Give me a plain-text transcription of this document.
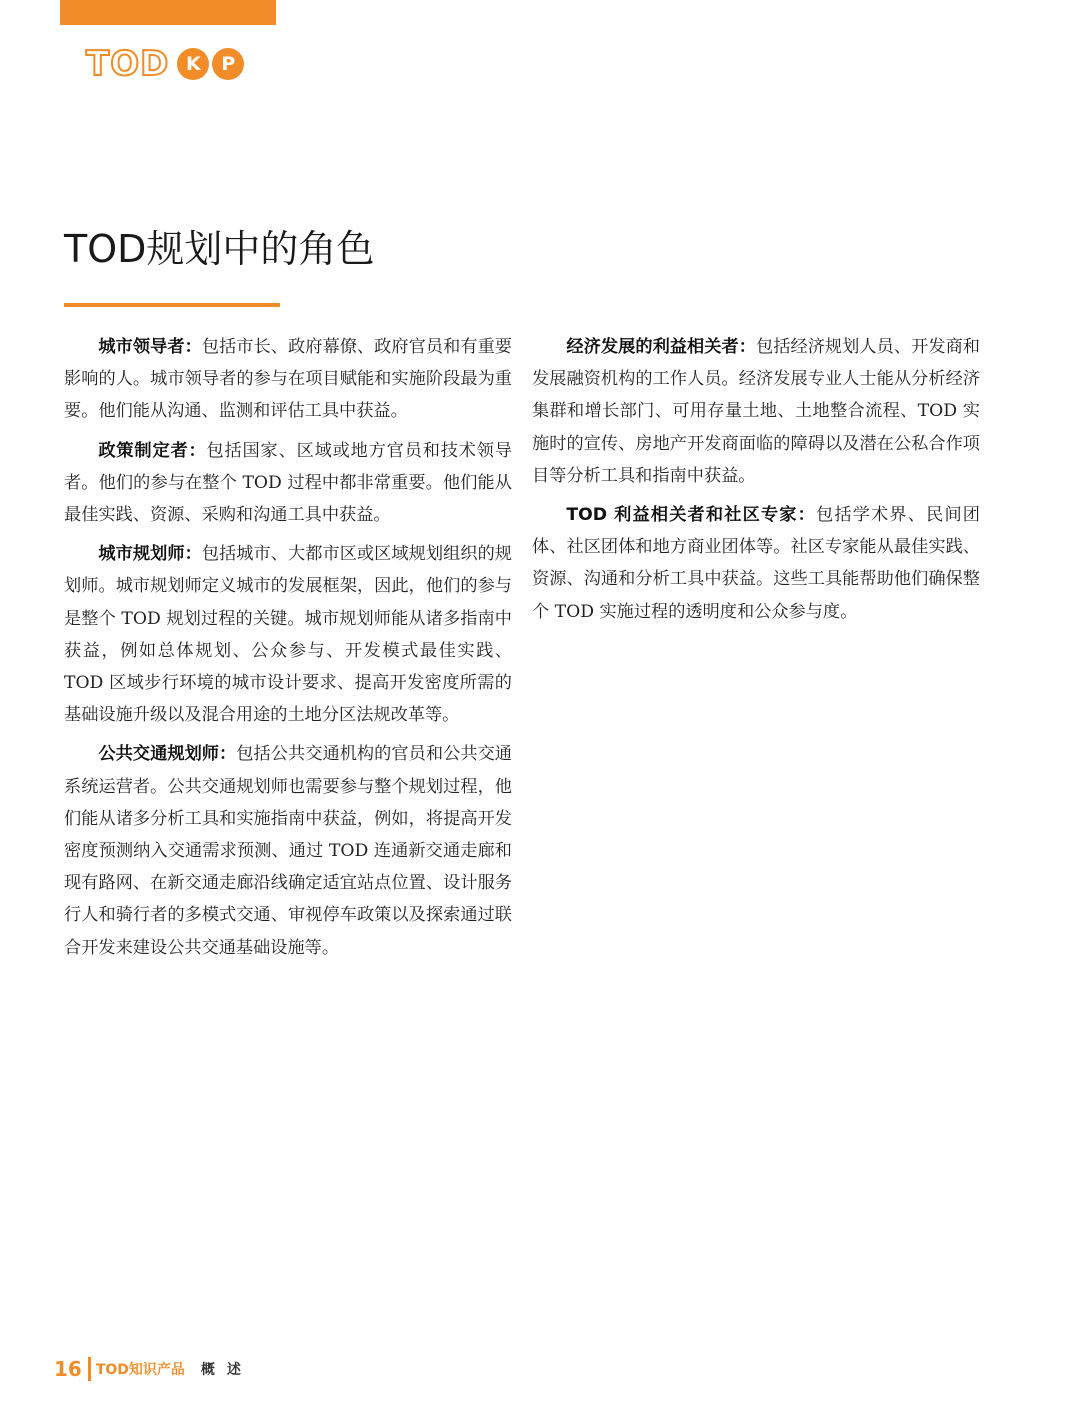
TOD K	P
TOD规划中的角色

城市领导者：包括市长、政府幕僚、政府官员和有重要影响的人。城市领导者的参与在项目赋能和实施阶段最为重要。他们能从沟通、监测和评估工具中获益。

政策制定者：包括国家、区域或地方官员和技术领导者。他们的参与在整个 TOD 过程中都非常重要。他们能从最佳实践、资源、采购和沟通工具中获益。

城市规划师：包括城市、大都市区或区域规划组织的规划师。城市规划师定义城市的发展框架，因此，他们的参与是整个 TOD 规划过程的关键。城市规划师能从诸多指南中获益，例如总体规划、公众参与、开发模式最佳实践、TOD 区域步行环境的城市设计要求、提高开发密度所需的基础设施升级以及混合用途的土地分区法规改革等。

公共交通规划师：包括公共交通机构的官员和公共交通系统运营者。公共交通规划师也需要参与整个规划过程，他们能从诸多分析工具和实施指南中获益，例如，将提高开发密度预测纳入交通需求预测、通过 TOD 连通新交通走廊和现有路网、在新交通走廊沿线确定适宜站点位置、设计服务行人和骑行者的多模式交通、审视停车政策以及探索通过联合开发来建设公共交通基础设施等。

经济发展的利益相关者：包括经济规划人员、开发商和发展融资机构的工作人员。经济发展专业人士能从分析经济集群和增长部门、可用存量土地、土地整合流程、TOD 实施时的宣传、房地产开发商面临的障碍以及潜在公私合作项目等分析工具和指南中获益。

TOD 利益相关者和社区专家：包括学术界、民间团体、社区团体和地方商业团体等。社区专家能从最佳实践、资源、沟通和分析工具中获益。这些工具能帮助他们确保整个 TOD 实施过程的透明度和公众参与度。

16 TOD知识产品 概述
